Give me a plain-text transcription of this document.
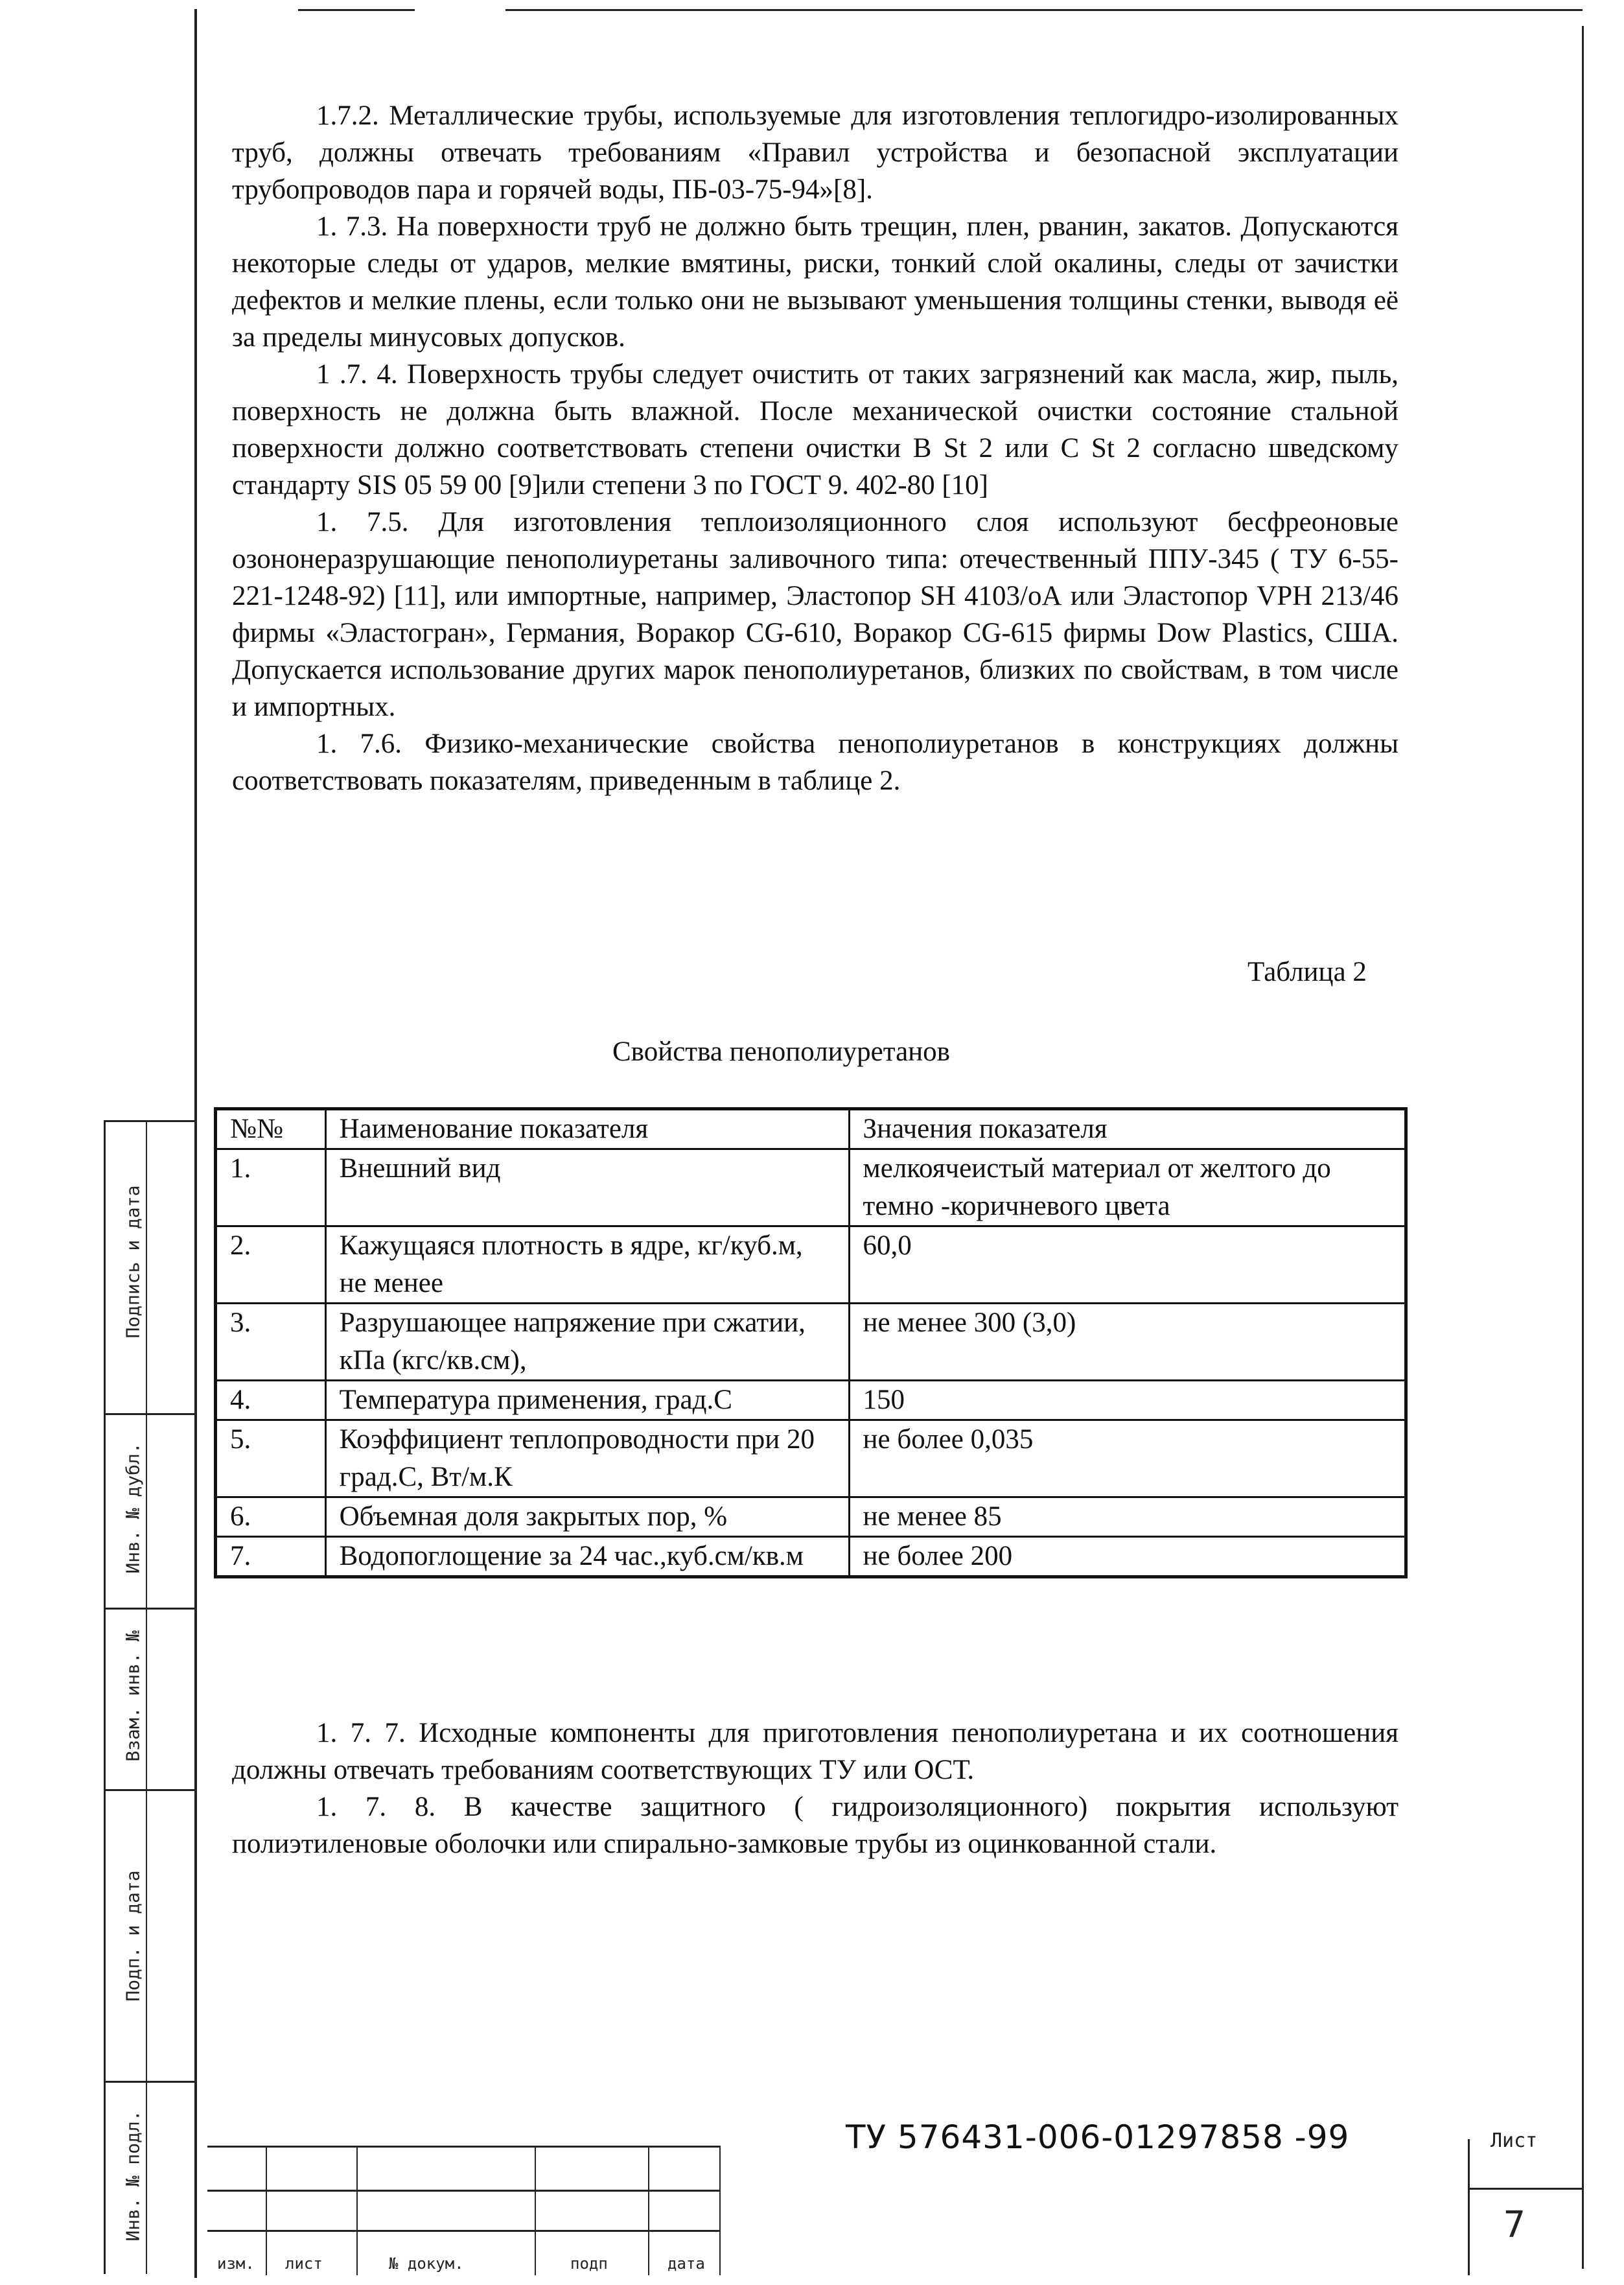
Подпись и дата
Инв. № дубл.
Взам. инв. №
Подп. и дата
Инв. № подл.

1.7.2. Металлические трубы, используемые для изготовления теплогидро-изолированных труб, должны отвечать требованиям «Правил устройства и безопасной эксплуатации трубопроводов пара и горячей воды, ПБ-03-75-94»[8].

1. 7.3. На поверхности труб не должно быть трещин, плен, рванин, закатов. Допускаются некоторые следы от ударов, мелкие вмятины, риски, тонкий слой окалины, следы от зачистки дефектов и мелкие плены, если только они не вызывают уменьшения толщины стенки, выводя её за пределы минусовых допусков.

1 .7. 4. Поверхность трубы следует очистить от таких загрязнений как масла, жир, пыль, поверхность не должна быть влажной. После механической очистки состояние стальной поверхности должно соответствовать степени очистки В St 2 или С St 2 согласно шведскому стандарту SIS 05 59 00 [9]или степени 3 по ГОСТ 9. 402-80 [10]

1. 7.5. Для изготовления теплоизоляционного слоя используют бесфреоновые озононеразрушающие пенополиуретаны заливочного типа: отечественный ППУ-345 ( ТУ 6-55-221-1248-92) [11], или импортные, например, Эластопор SH 4103/оА или Эластопор VPH 213/46 фирмы «Эластогран», Германия, Воракор CG-610, Воракор CG-615 фирмы Dow Plastics, США. Допускается использование других марок пенополиуретанов, близких по свойствам, в том числе и импортных.

1. 7.6. Физико-механические свойства пенополиуретанов в конструкциях должны соответствовать показателям, приведенным в таблице 2.

Таблица 2
Свойства пенополиуретанов
№№	Наименование показателя	Значения показателя
1.	Внешний вид	мелкоячеистый материал от желтого до темно -коричневого цвета
2.	Кажущаяся плотность в ядре, кг/куб.м, не менее	60,0
3.	Разрушающее напряжение при сжатии, кПа (кгс/кв.см),	не менее 300 (3,0)
4.	Температура применения, град.С	150
5.	Коэффициент теплопроводности при 20 град.С, Вт/м.К	не более 0,035
6.	Объемная доля закрытых пор, %	не менее 85
7.	Водопоглощение за 24 час.,куб.см/кв.м	не более 200

1. 7. 7. Исходные компоненты для приготовления пенополиуретана и их соотношения должны отвечать требованиям соответствующих ТУ или ОСТ.

1. 7. 8. В качестве защитного ( гидроизоляционного) покрытия используют полиэтиленовые оболочки или спирально-замковые трубы из оцинкованной стали.

изм. лист	№ докум.	подп	дата
ТУ 576431-006-01297858 -99	Лист
7
